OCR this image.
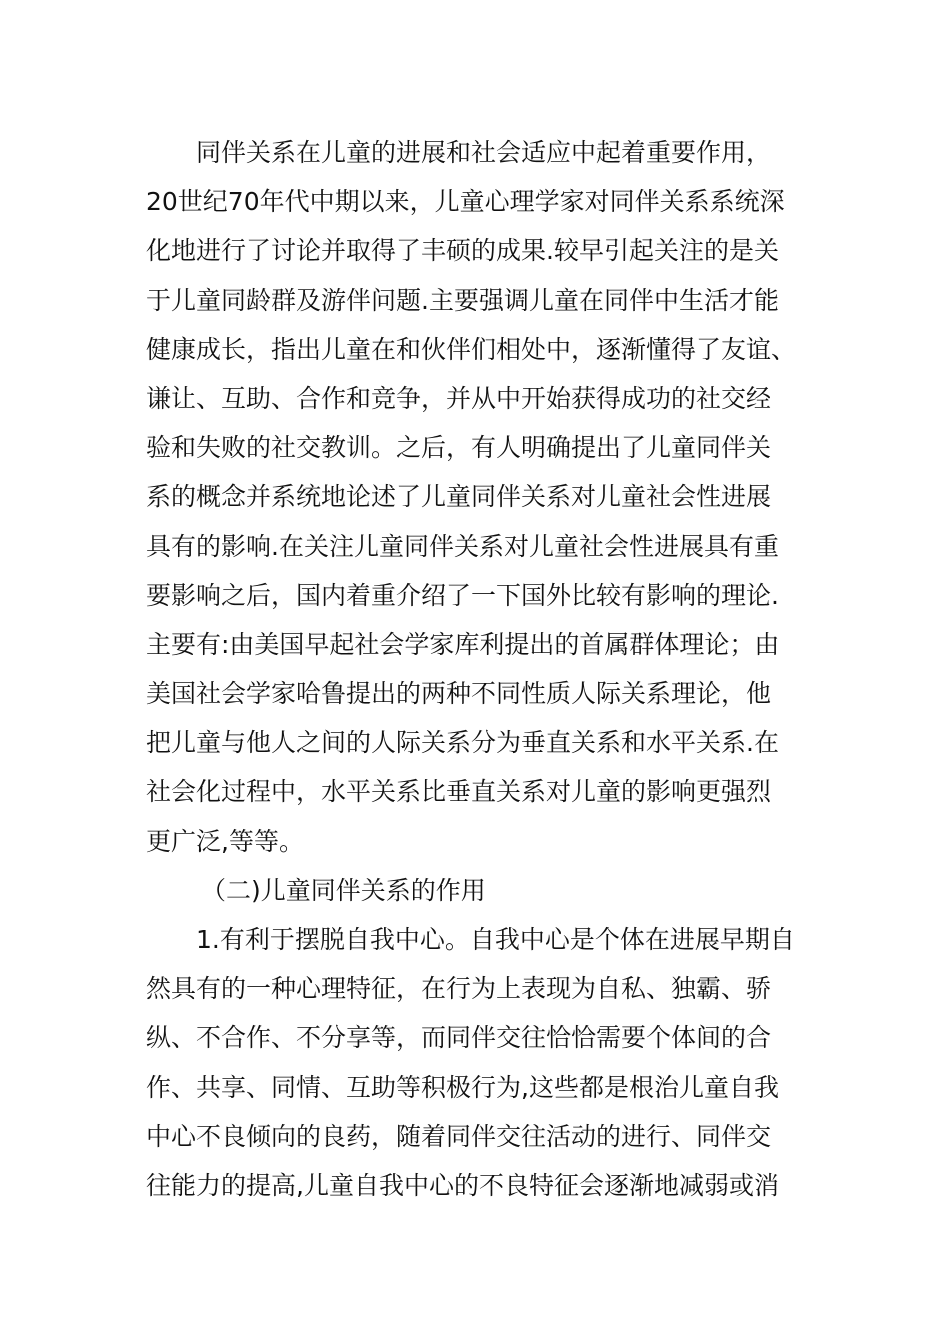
同伴关系在儿童的进展和社会适应中起着重要作用，
20世纪70年代中期以来，儿童心理学家对同伴关系系统深
化地进行了讨论并取得了丰硕的成果.较早引起关注的是关
于儿童同龄群及游伴问题.主要强调儿童在同伴中生活才能
健康成长，指出儿童在和伙伴们相处中，逐渐懂得了友谊、
谦让、互助、合作和竞争，并从中开始获得成功的社交经
验和失败的社交教训。之后，有人明确提出了儿童同伴关
系的概念并系统地论述了儿童同伴关系对儿童社会性进展
具有的影响.在关注儿童同伴关系对儿童社会性进展具有重
要影响之后，国内着重介绍了一下国外比较有影响的理论.
主要有:由美国早起社会学家库利提出的首属群体理论；由
美国社会学家哈鲁提出的两种不同性质人际关系理论，他
把儿童与他人之间的人际关系分为垂直关系和水平关系.在
社会化过程中，水平关系比垂直关系对儿童的影响更强烈
更广泛,等等。
（二)儿童同伴关系的作用
1.有利于摆脱自我中心。自我中心是个体在进展早期自
然具有的一种心理特征，在行为上表现为自私、独霸、骄
纵、不合作、不分享等，而同伴交往恰恰需要个体间的合
作、共享、同情、互助等积极行为,这些都是根治儿童自我
中心不良倾向的良药，随着同伴交往活动的进行、同伴交
往能力的提高,儿童自我中心的不良特征会逐渐地减弱或消
